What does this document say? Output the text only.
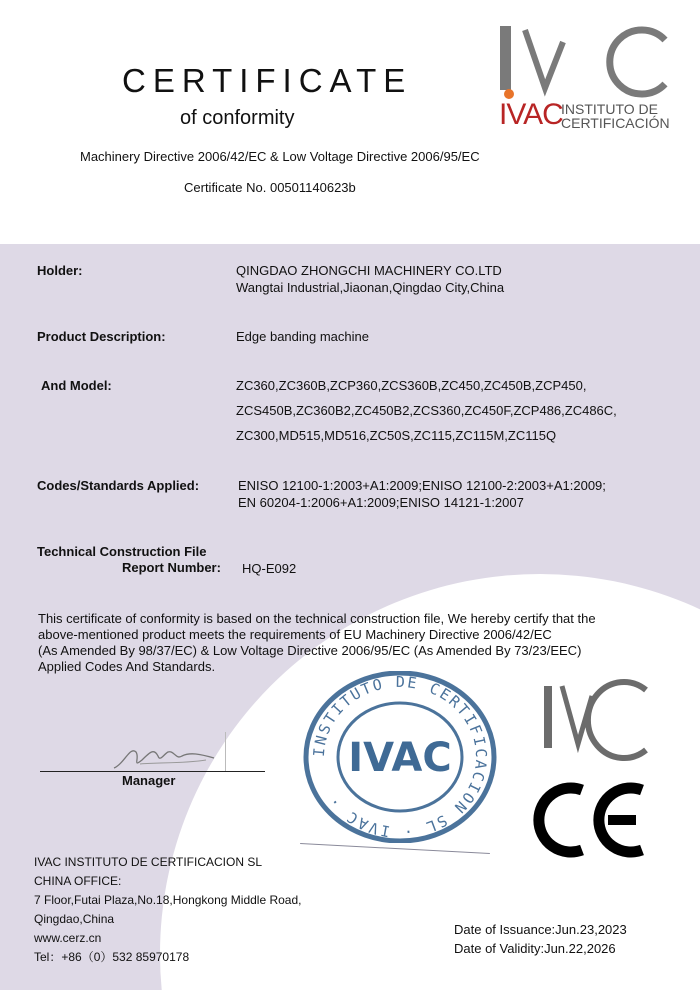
CERTIFICATE
of conformity
Machinery Directive 2006/42/EC & Low Voltage Directive 2006/95/EC
Certificate No. 00501140623b
IVAC
INSTITUTO DE
CERTIFICACIÓN
Holder:	QINGDAO ZHONGCHI MACHINERY CO.LTD
Wangtai Industrial,Jiaonan,Qingdao City,China
Product Description:	Edge banding machine
And Model:	ZC360,ZC360B,ZCP360,ZCS360B,ZC450,ZC450B,ZCP450,
ZCS450B,ZC360B2,ZC450B2,ZCS360,ZC450F,ZCP486,ZC486C,
ZC300,MD515,MD516,ZC50S,ZC115,ZC115M,ZC115Q
Codes/Standards Applied:	ENISO 12100-1:2003+A1:2009;ENISO 12100-2:2003+A1:2009;
EN 60204-1:2006+A1:2009;ENISO 14121-1:2007
Technical Construction File
Report Number: HQ-E092
This certificate of conformity is based on the technical construction file, We hereby certify that the
above-mentioned product meets the requirements of EU Machinery Directive 2006/42/EC
(As Amended By 98/37/EC) & Low Voltage Directive 2006/95/EC (As Amended By 73/23/EEC)
Applied Codes And Standards.
Manager
INSTITUTO DE CERTIFICACION SL · IVAC ·
IVAC
IVAC INSTITUTO DE CERTIFICACION SL
CHINA OFFICE:
7 Floor,Futai Plaza,No.18,Hongkong Middle Road,
Qingdao,China
www.cerz.cn
Tel：+86（0）532 85970178
Date of Issuance:Jun.23,2023
Date of Validity:Jun.22,2026
